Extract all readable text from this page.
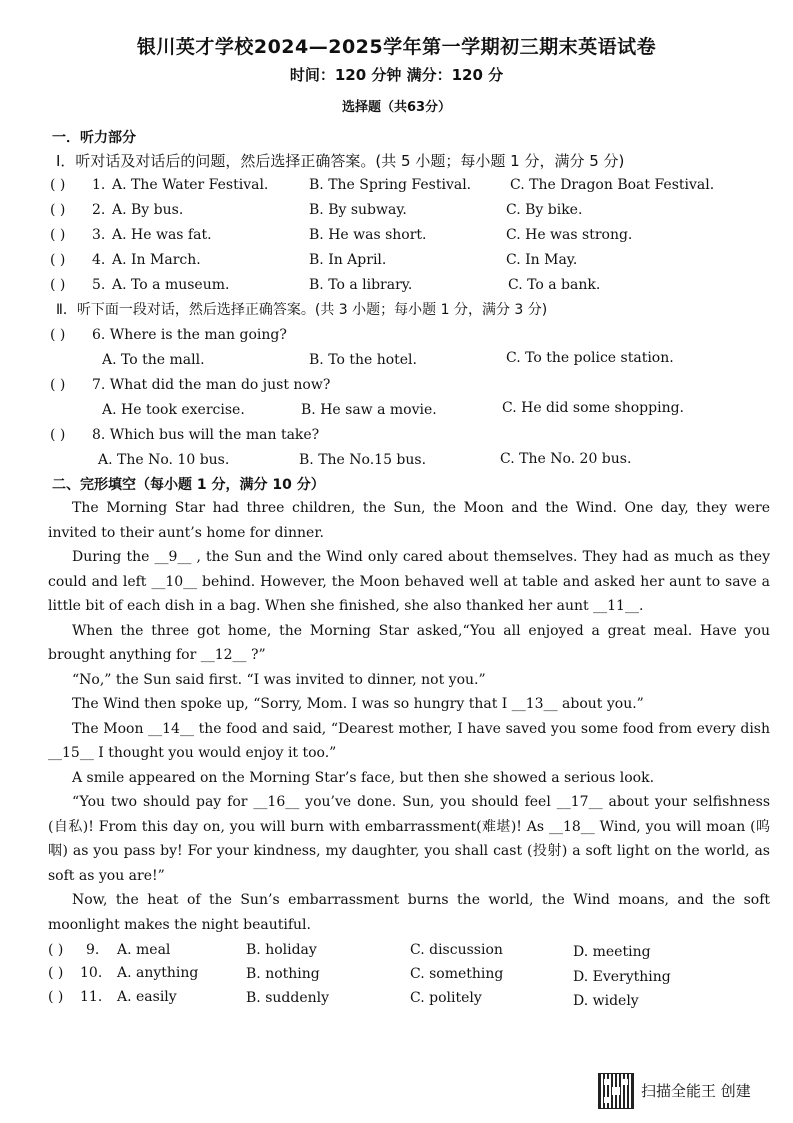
银川英才学校2024—2025学年第一学期初三期末英语试卷
时间：120 分钟 满分：120 分
选择题（共63分）
一．听力部分
Ⅰ．听对话及对话后的问题，然后选择正确答案。(共 5 小题；每小题 1 分，满分 5 分)
( ) 1. A. The Water Festival.	B. The Spring Festival.	C. The Dragon Boat Festival.
( ) 2. A. By bus.	B. By subway.	C. By bike.
( ) 3. A. He was fat.	B. He was short.	C. He was strong.
( ) 4. A. In March.	B. In April.	C. In May.
( ) 5. A. To a museum.	B. To a library.	C. To a bank.
Ⅱ．听下面一段对话，然后选择正确答案。(共 3 小题；每小题 1 分，满分 3 分)
( ) 6. Where is the man going?
A. To the mall.	B. To the hotel.	C. To the police station.
( ) 7. What did the man do just now?
A. He took exercise.	B. He saw a movie.	C. He did some shopping.
( ) 8. Which bus will the man take?
A. The No. 10 bus.	B. The No.15 bus.	C. The No. 20 bus.
二、完形填空（每小题 1 分，满分 10 分）
The Morning Star had three children, the Sun, the Moon and the Wind. One day, they were invited to their aunt’s home for dinner.
During the __9__ , the Sun and the Wind only cared about themselves. They had as much as they could and left __10__ behind. However, the Moon behaved well at table and asked her aunt to save a little bit of each dish in a bag. When she finished, she also thanked her aunt __11__.
When the three got home, the Morning Star asked,“You all enjoyed a great meal. Have you brought anything for __12__ ?”
“No,” the Sun said first. “I was invited to dinner, not you.”
The Wind then spoke up, “Sorry, Mom. I was so hungry that I __13__ about you.”
The Moon __14__ the food and said, “Dearest mother, I have saved you some food from every dish __15__ I thought you would enjoy it too.”
A smile appeared on the Morning Star’s face, but then she showed a serious look.
“You two should pay for __16__ you’ve done. Sun, you should feel __17__ about your selfishness (自私)! From this day on, you will burn with embarrassment(难堪)! As __18__ Wind, you will moan (呜咽) as you pass by! For your kindness, my daughter, you shall cast (投射) a soft light on the world, as soft as you are!”
Now, the heat of the Sun’s embarrassment burns the world, the Wind moans, and the soft moonlight makes the night beautiful.
( ) 9. A. meal	B. holiday	C. discussion	D. meeting
( ) 10. A. anything	B. nothing	C. something	D. Everything
( ) 11. A. easily	B. suddenly	C. politely	D. widely
扫描全能王 创建
